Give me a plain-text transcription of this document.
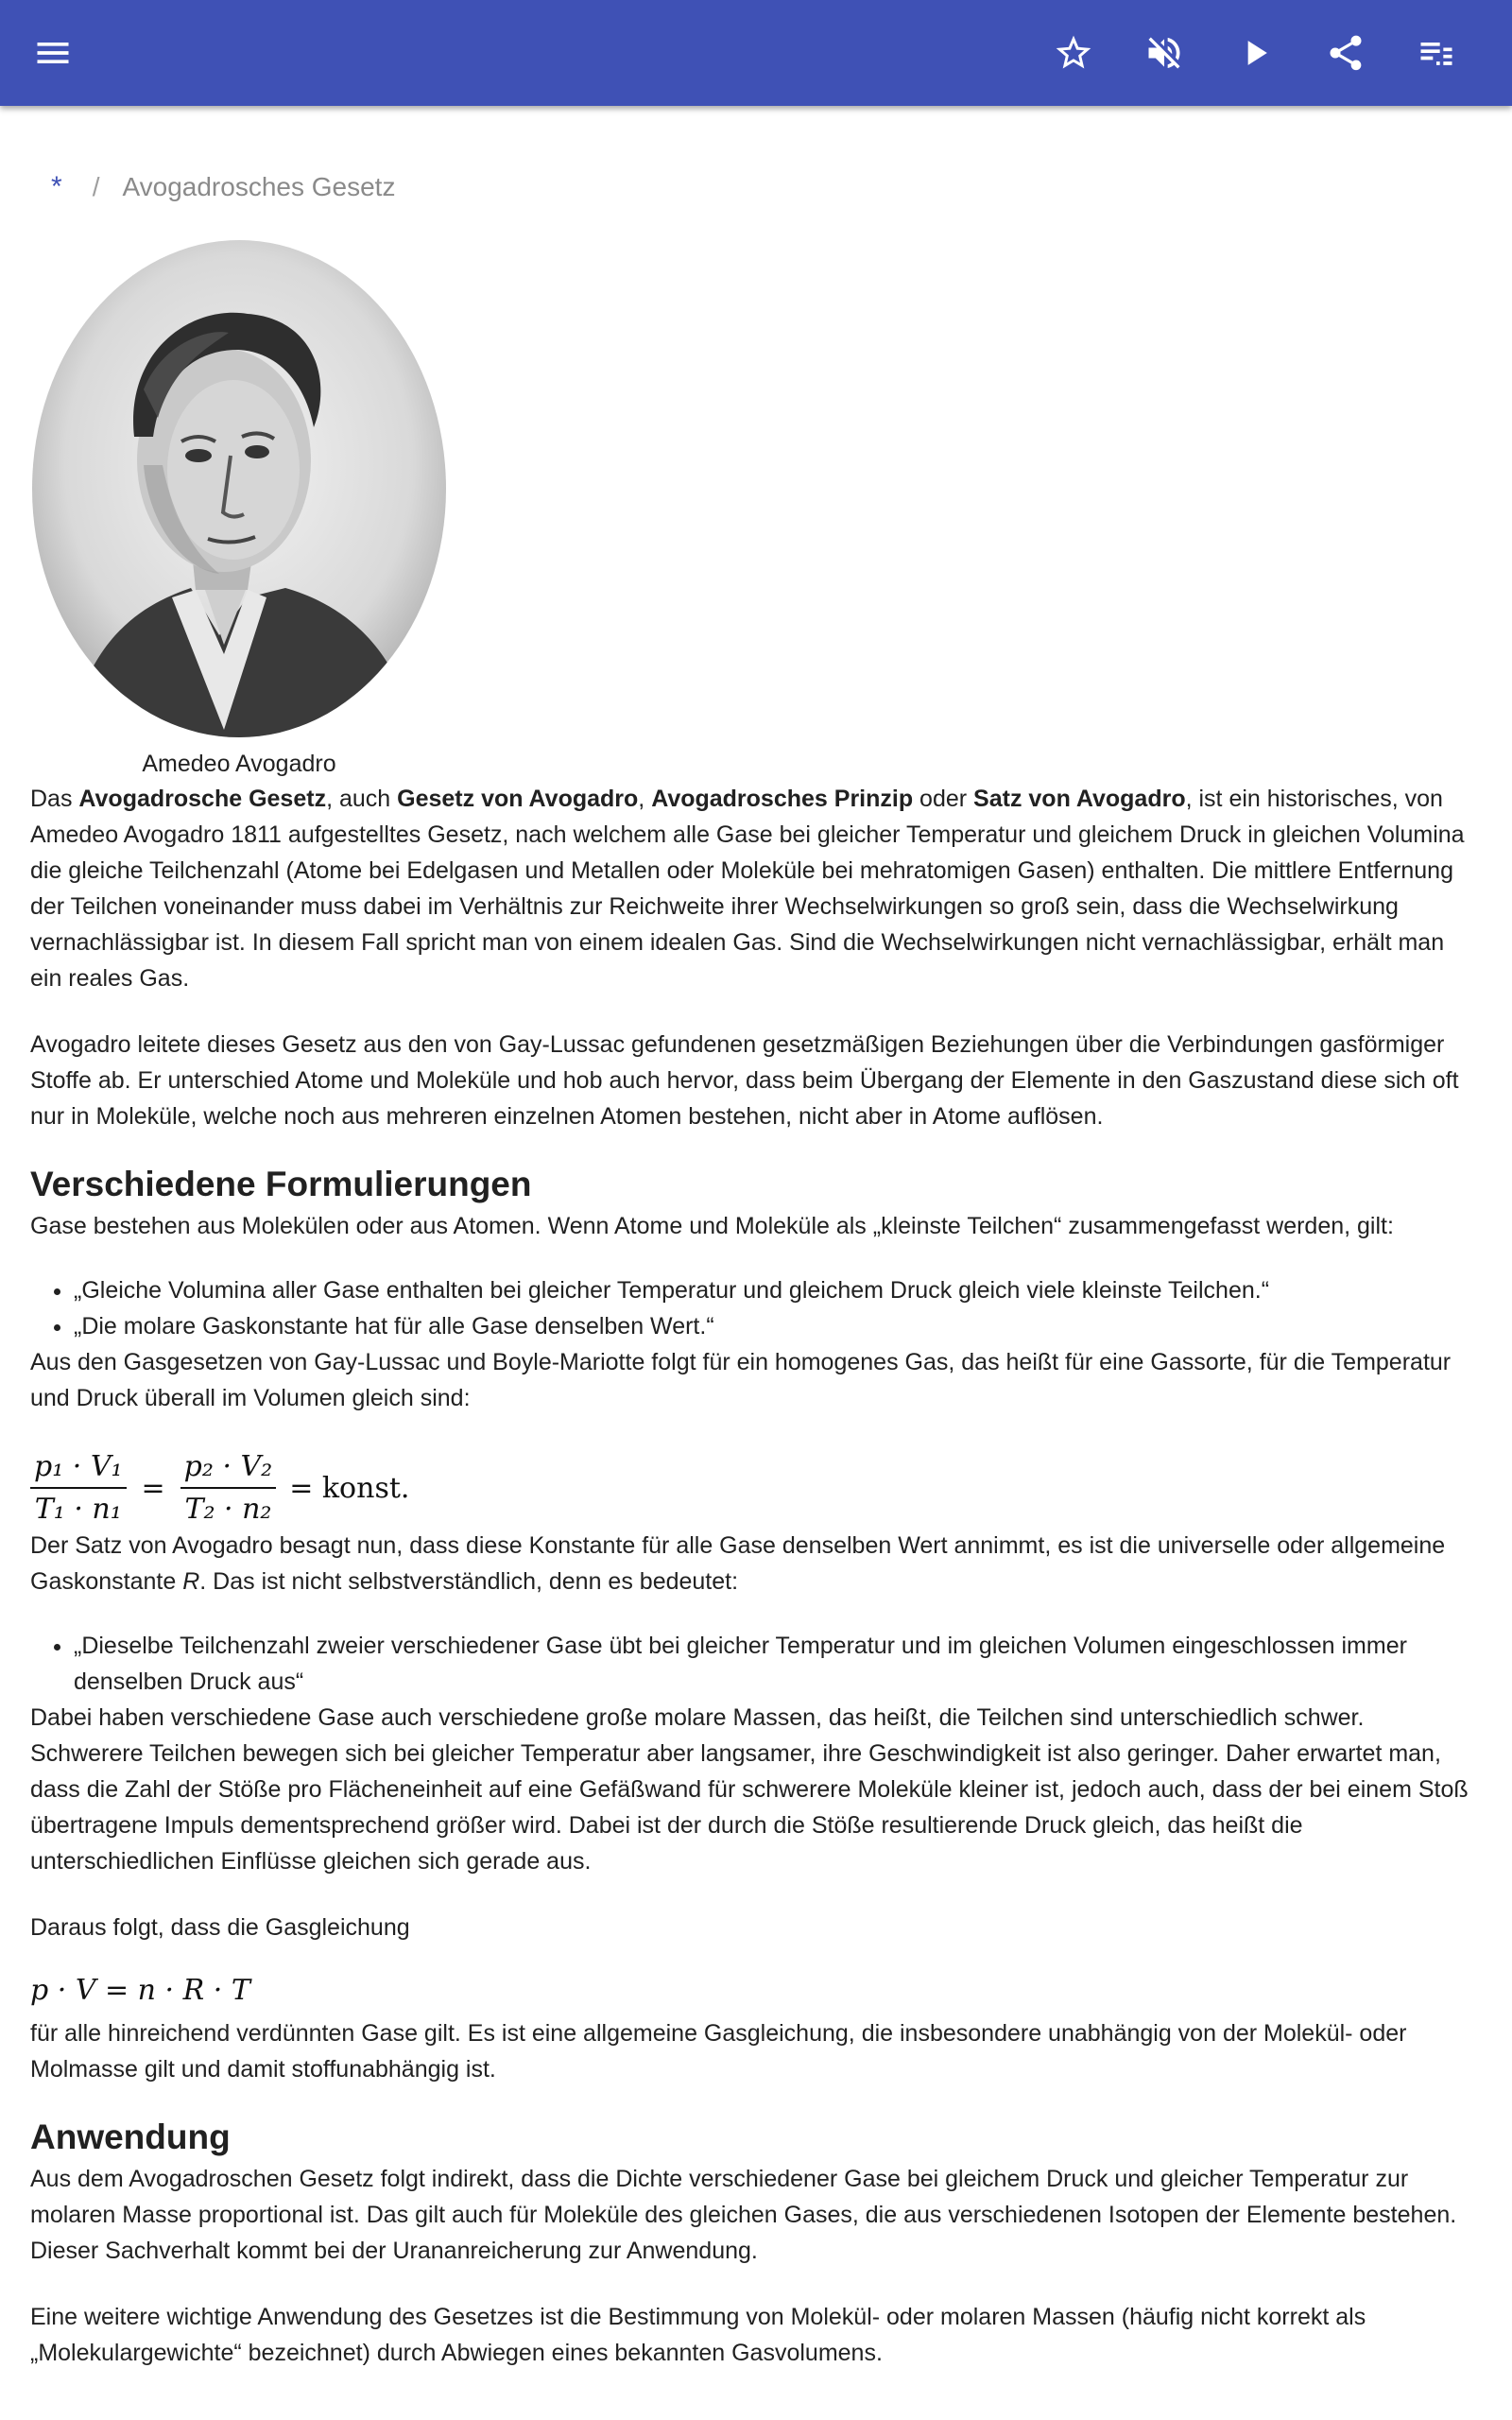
* / Avogadrosches Gesetz
Amedeo Avogadro

Das Avogadrosche Gesetz, auch Gesetz von Avogadro, Avogadrosches Prinzip oder Satz von Avogadro, ist ein historisches, von Amedeo Avogadro 1811 aufgestelltes Gesetz, nach welchem alle Gase bei gleicher Temperatur und gleichem Druck in gleichen Volumina die gleiche Teilchenzahl (Atome bei Edelgasen und Metallen oder Moleküle bei mehratomigen Gasen) enthalten. Die mittlere Entfernung der Teilchen voneinander muss dabei im Verhältnis zur Reichweite ihrer Wechselwirkungen so groß sein, dass die Wechselwirkung vernachlässigbar ist. In diesem Fall spricht man von einem idealen Gas. Sind die Wechselwirkungen nicht vernachlässigbar, erhält man ein reales Gas.

Avogadro leitete dieses Gesetz aus den von Gay-Lussac gefundenen gesetzmäßigen Beziehungen über die Verbindungen gasförmiger Stoffe ab. Er unterschied Atome und Moleküle und hob auch hervor, dass beim Übergang der Elemente in den Gaszustand diese sich oft nur in Moleküle, welche noch aus mehreren einzelnen Atomen bestehen, nicht aber in Atome auflösen.

Verschiedene Formulierungen

Gase bestehen aus Molekülen oder aus Atomen. Wenn Atome und Moleküle als „kleinste Teilchen“ zusammengefasst werden, gilt:

• „Gleiche Volumina aller Gase enthalten bei gleicher Temperatur und gleichem Druck gleich viele kleinste Teilchen.“
• „Die molare Gaskonstante hat für alle Gase denselben Wert.“

Aus den Gasgesetzen von Gay-Lussac und Boyle-Mariotte folgt für ein homogenes Gas, das heißt für eine Gassorte, für die Temperatur und Druck überall im Volumen gleich sind:

$\frac{\text{p₁ · V₁}}{\text{T₁ · n₁}} = \frac{\text{p₂ · V₂}}{\text{T₂ · n₂}}$ = konst.

Der Satz von Avogadro besagt nun, dass diese Konstante für alle Gase denselben Wert annimmt, es ist die universelle oder allgemeine Gaskonstante R. Das ist nicht selbstverständlich, denn es bedeutet:

• „Dieselbe Teilchenzahl zweier verschiedener Gase übt bei gleicher Temperatur und im gleichen Volumen eingeschlossen immer denselben Druck aus“

Dabei haben verschiedene Gase auch verschiedene große molare Massen, das heißt, die Teilchen sind unterschiedlich schwer. Schwerere Teilchen bewegen sich bei gleicher Temperatur aber langsamer, ihre Geschwindigkeit ist also geringer. Daher erwartet man, dass die Zahl der Stöße pro Flächeneinheit auf eine Gefäßwand für schwerere Moleküle kleiner ist, jedoch auch, dass der bei einem Stoß übertragene Impuls dementsprechend größer wird. Dabei ist der durch die Stöße resultierende Druck gleich, das heißt die unterschiedlichen Einflüsse gleichen sich gerade aus.

Daraus folgt, dass die Gasgleichung

p · V = n · R · T

für alle hinreichend verdünnten Gase gilt. Es ist eine allgemeine Gasgleichung, die insbesondere unabhängig von der Molekül- oder Molmasse gilt und damit stoffunabhängig ist.

Anwendung

Aus dem Avogadroschen Gesetz folgt indirekt, dass die Dichte verschiedener Gase bei gleichem Druck und gleicher Temperatur zur molaren Masse proportional ist. Das gilt auch für Moleküle des gleichen Gases, die aus verschiedenen Isotopen der Elemente bestehen. Dieser Sachverhalt kommt bei der Urananreicherung zur Anwendung.

Eine weitere wichtige Anwendung des Gesetzes ist die Bestimmung von Molekül- oder molaren Massen (häufig nicht korrekt als „Molekulargewichte“ bezeichnet) durch Abwiegen eines bekannten Gasvolumens.
